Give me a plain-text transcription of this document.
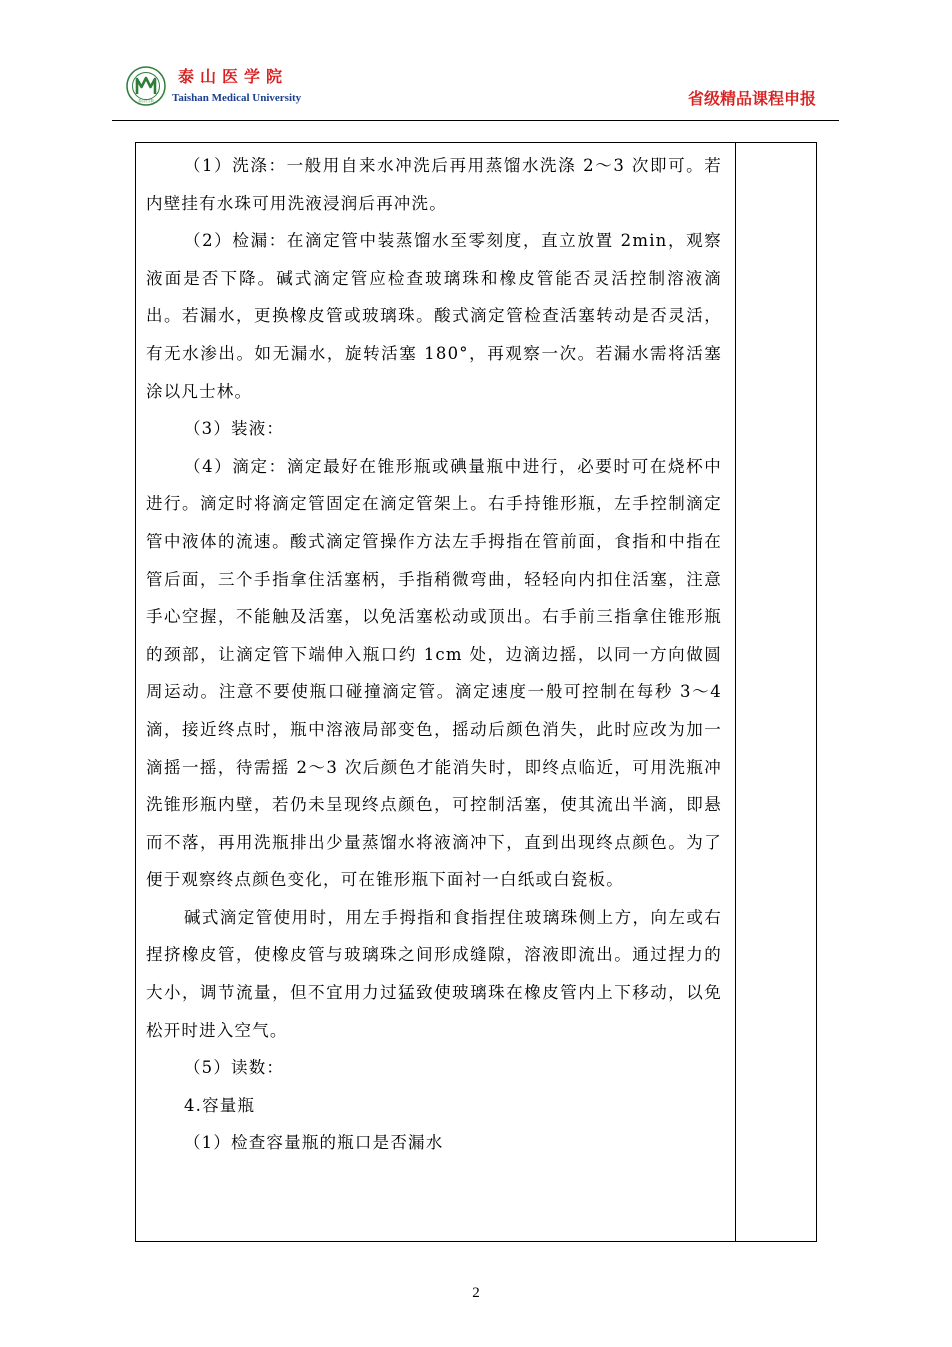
泰山医学院
泰山医学院
Taishan Medical University	省级精品课程申报

（1）洗涤：一般用自来水冲洗后再用蒸馏水洗涤 2～3 次即可。若内壁挂有水珠可用洗液浸润后再冲洗。

（2）检漏：在滴定管中装蒸馏水至零刻度，直立放置 2min，观察液面是否下降。碱式滴定管应检查玻璃珠和橡皮管能否灵活控制溶液滴出。若漏水，更换橡皮管或玻璃珠。酸式滴定管检查活塞转动是否灵活，有无水渗出。如无漏水，旋转活塞 180°，再观察一次。若漏水需将活塞涂以凡士林。

（3）装液：

（4）滴定：滴定最好在锥形瓶或碘量瓶中进行，必要时可在烧杯中进行。滴定时将滴定管固定在滴定管架上。右手持锥形瓶，左手控制滴定管中液体的流速。酸式滴定管操作方法左手拇指在管前面，食指和中指在管后面，三个手指拿住活塞柄，手指稍微弯曲，轻轻向内扣住活塞，注意手心空握，不能触及活塞，以免活塞松动或顶出。右手前三指拿住锥形瓶的颈部，让滴定管下端伸入瓶口约 1cm 处，边滴边摇，以同一方向做圆周运动。注意不要使瓶口碰撞滴定管。滴定速度一般可控制在每秒 3～4 滴，接近终点时，瓶中溶液局部变色，摇动后颜色消失，此时应改为加一滴摇一摇，待需摇 2～3 次后颜色才能消失时，即终点临近，可用洗瓶冲洗锥形瓶内壁，若仍未呈现终点颜色，可控制活塞，使其流出半滴，即悬而不落，再用洗瓶排出少量蒸馏水将液滴冲下，直到出现终点颜色。为了便于观察终点颜色变化，可在锥形瓶下面衬一白纸或白瓷板。

碱式滴定管使用时，用左手拇指和食指捏住玻璃珠侧上方，向左或右捏挤橡皮管，使橡皮管与玻璃珠之间形成缝隙，溶液即流出。通过捏力的大小，调节流量，但不宜用力过猛致使玻璃珠在橡皮管内上下移动，以免松开时进入空气。

（5）读数：

4.容量瓶

（1）检查容量瓶的瓶口是否漏水

2
